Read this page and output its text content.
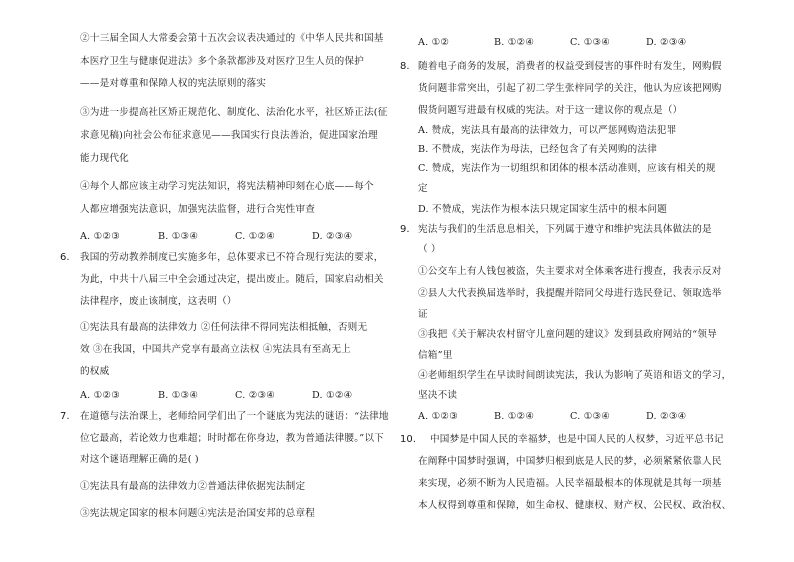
②十三届全国人大常委会第十五次会议表决通过的《中华人民共和国基
本医疗卫生与健康促进法》多个条款都涉及对医疗卫生人员的保护
——是对尊重和保障人权的宪法原则的落实
③为进一步提高社区矫正规范化、制度化、法治化水平，社区矫正法(征
求意见稿)向社会公布征求意见——我国实行良法善治，促进国家治理
能力现代化
④每个人都应该主动学习宪法知识，将宪法精神印刻在心底——每个
人都应增强宪法意识，加强宪法监督，进行合宪性审查
A. ①②③	B. ①③④	C. ①②④	D. ②③④
6. 我国的劳动教养制度已实施多年，总体要求已不符合现行宪法的要求，
为此，中共十八届三中全会通过决定，提出废止。随后，国家启动相关
法律程序，废止该制度，这表明（）
①宪法具有最高的法律效力 ②任何法律不得同宪法相抵触，否则无
效 ③在我国，中国共产党享有最高立法权 ④宪法具有至高无上
的权威
A. ①②③	B. ①③④	C. ②③④	D. ①②④
7. 在道德与法治课上，老师给同学们出了一个谜底为宪法的谜语：“法律地
位它最高，若论效力也难超；时时都在你身边，教为普通法律腰。”以下
对这个谜语理解正确的是( )
①宪法具有最高的法律效力②普通法律依据宪法制定
③宪法规定国家的根本问题④宪法是治国安邦的总章程
A. ①②	B. ①②④	C. ①③④	D. ②③④
8. 随着电子商务的发展，消费者的权益受到侵害的事件时有发生，网购假
货问题非常突出，引起了初二学生张梓同学的关注，他认为应该把网购
假货问题写进最有权威的宪法。对于这一建议你的观点是（）
A. 赞成，宪法具有最高的法律效力，可以严惩网购造法犯罪
B. 不赞成，宪法作为母法，已经包含了有关网购的法律
C. 赞成，宪法作为一切组织和团体的根本活动准则，应该有相关的规
定
D. 不赞成，宪法作为根本法只规定国家生活中的根本问题
9. 宪法与我们的生活息息相关，下列属于遵守和维护宪法具体做法的是
（ ）
①公交车上有人钱包被盗，失主要求对全体乘客进行搜查，我表示反对
②县人大代表换届选举时，我提醒并陪同父母进行选民登记、领取选举
证
③我把《关于解决农村留守儿童问题的建议》发到县政府网站的“领导
信箱”里
④老师组织学生在早读时间朗读宪法，我认为影响了英语和语文的学习，
坚决不读
A. ①②③	B. ①②④	C. ①③④	D. ②③④
10. 中国梦是中国人民的幸福梦，也是中国人民的人权梦，习近平总书记
在阐释中国梦时强调，中国梦归根到底是人民的梦，必须紧紧依靠人民
来实现，必须不断为人民造福。人民幸福最根本的体现就是其每一项基
本人权得到尊重和保障，如生命权、健康权、财产权、公民权、政治权、
